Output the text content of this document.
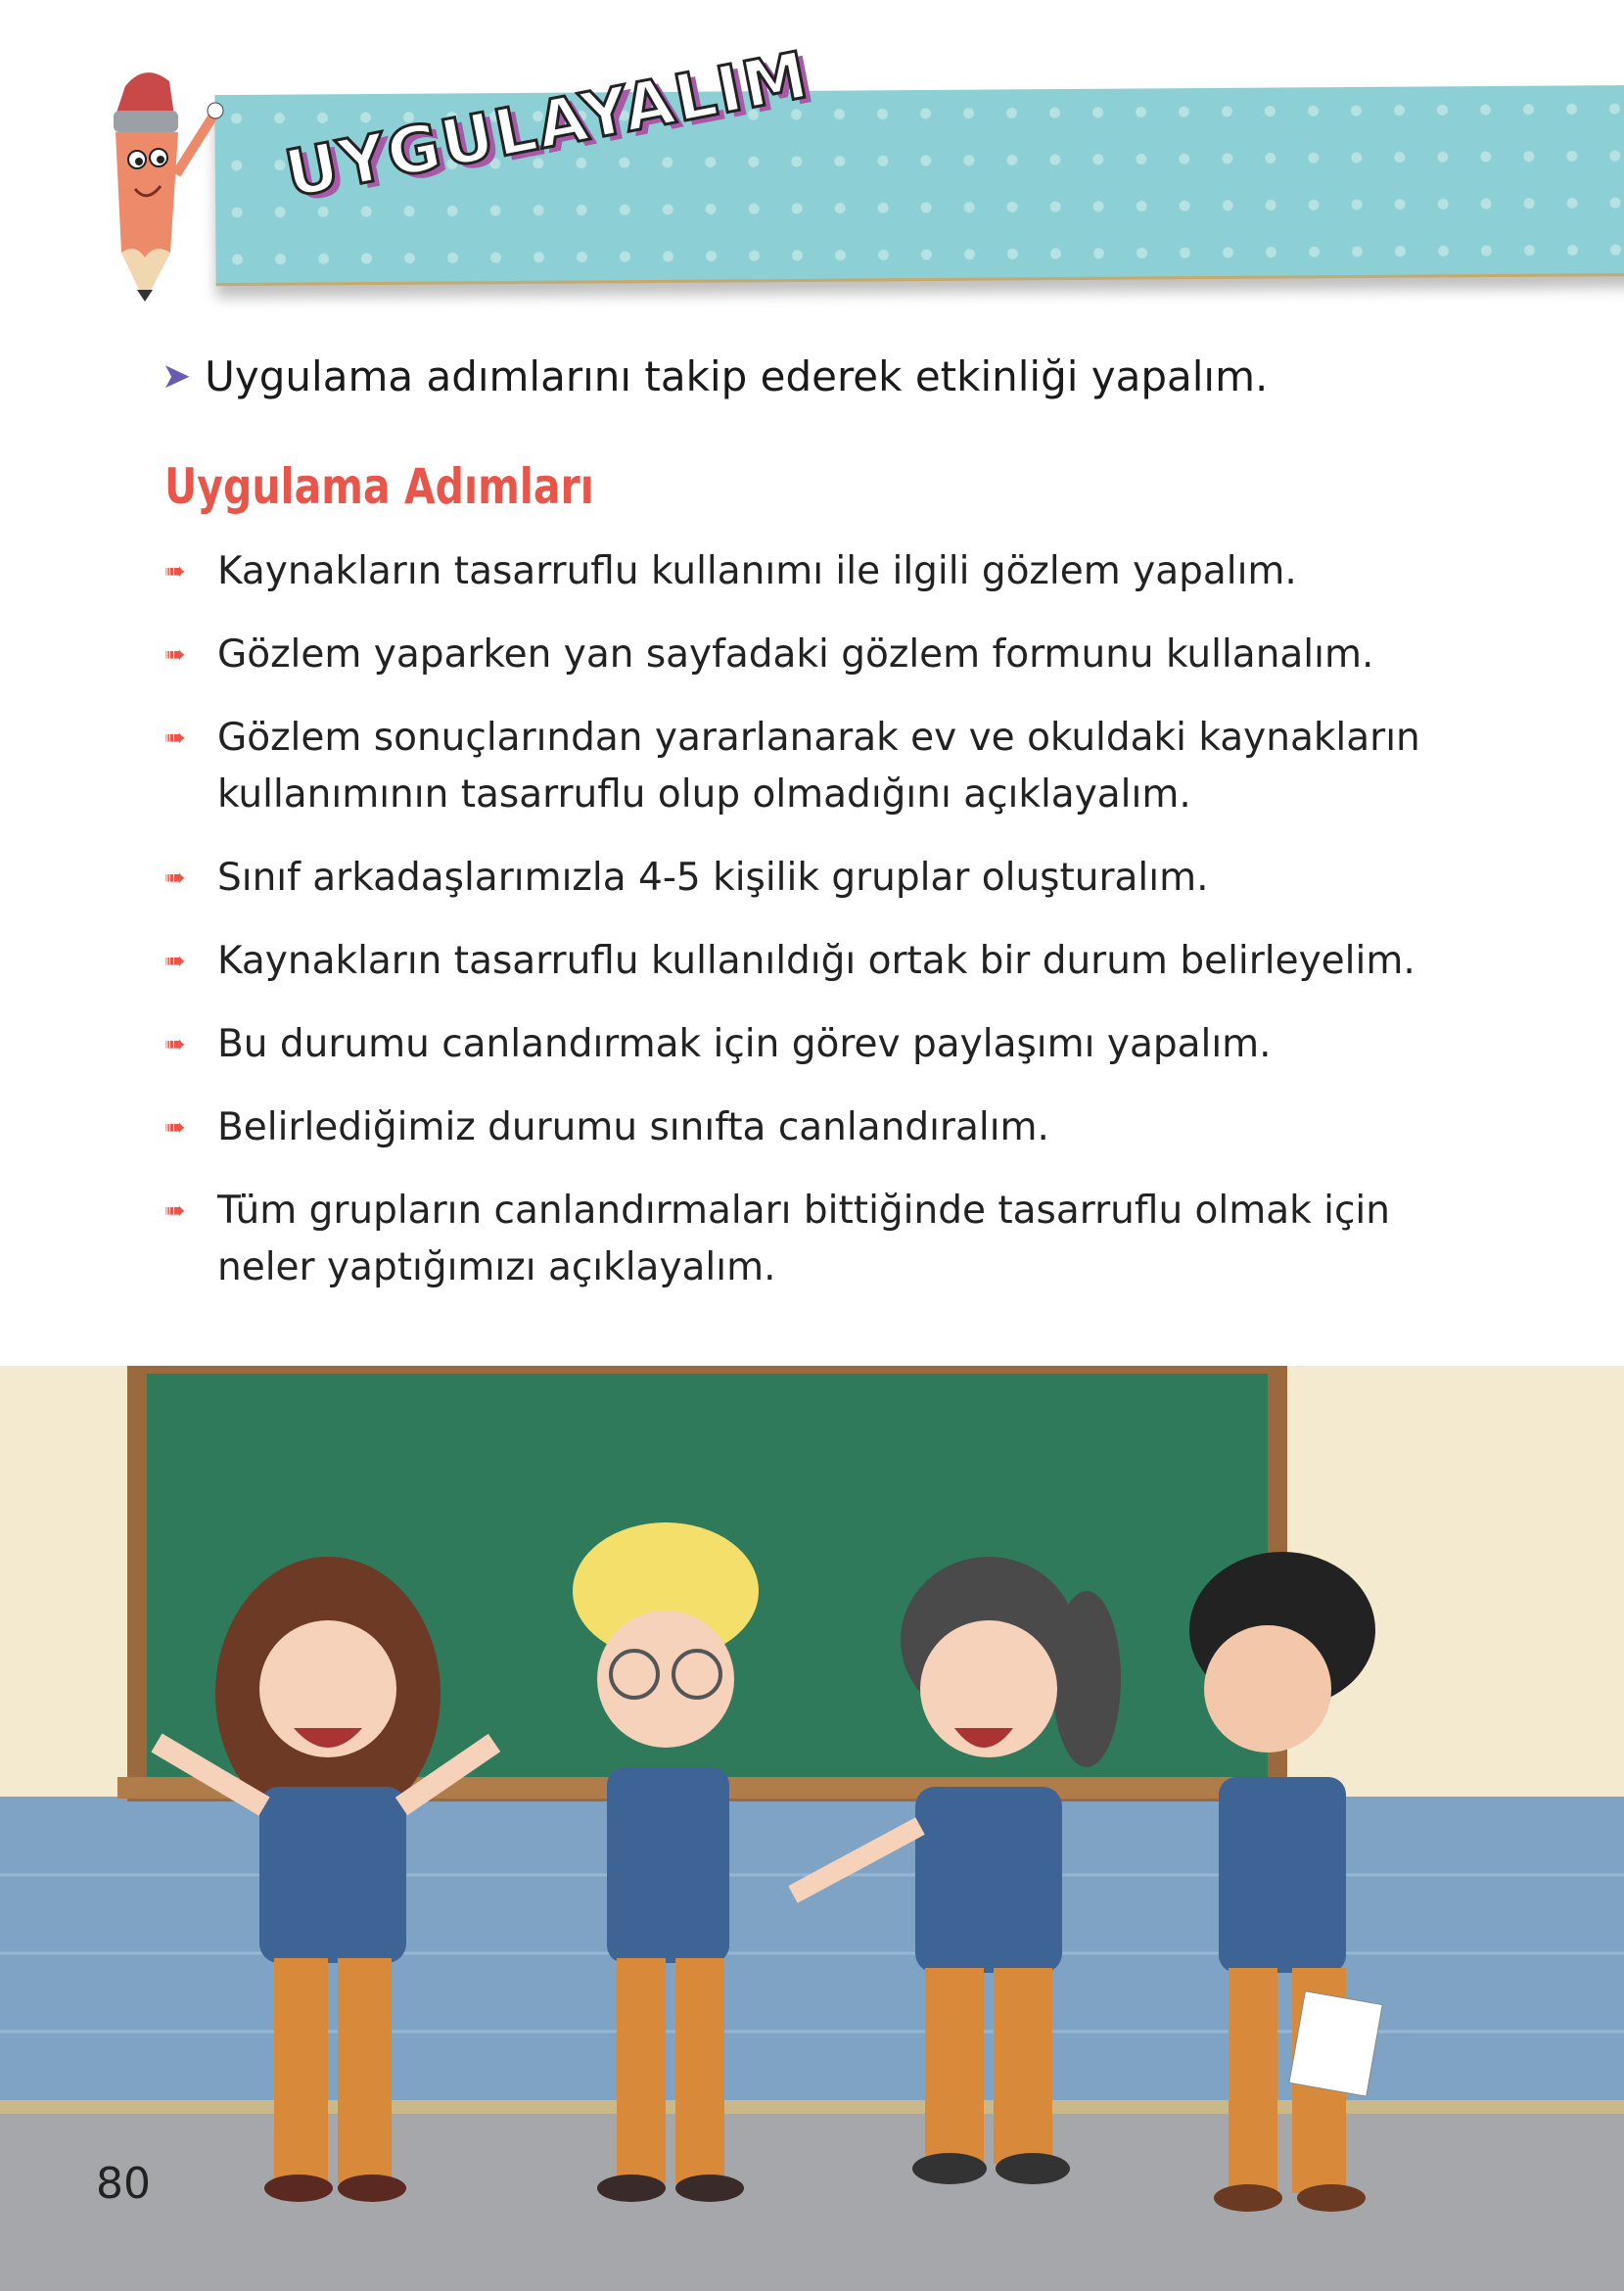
UYGULAYALIM
➤ Uygulama adımlarını takip ederek etkinliği yapalım.
Uygulama Adımları
➠ Kaynakların tasarruflu kullanımı ile ilgili gözlem yapalım.
➠ Gözlem yaparken yan sayfadaki gözlem formunu kullanalım.
➠ Gözlem sonuçlarından yararlanarak ev ve okuldaki kaynakların kullanımının tasarruflu olup olmadığını açıklayalım.
➠ Sınıf arkadaşlarımızla 4-5 kişilik gruplar oluşturalım.
➠ Kaynakların tasarruflu kullanıldığı ortak bir durum belirleyelim.
➠ Bu durumu canlandırmak için görev paylaşımı yapalım.
➠ Belirlediğimiz durumu sınıfta canlandıralım.
➠ Tüm grupların canlandırmaları bittiğinde tasarruflu olmak için neler yaptığımızı açıklayalım.
80
